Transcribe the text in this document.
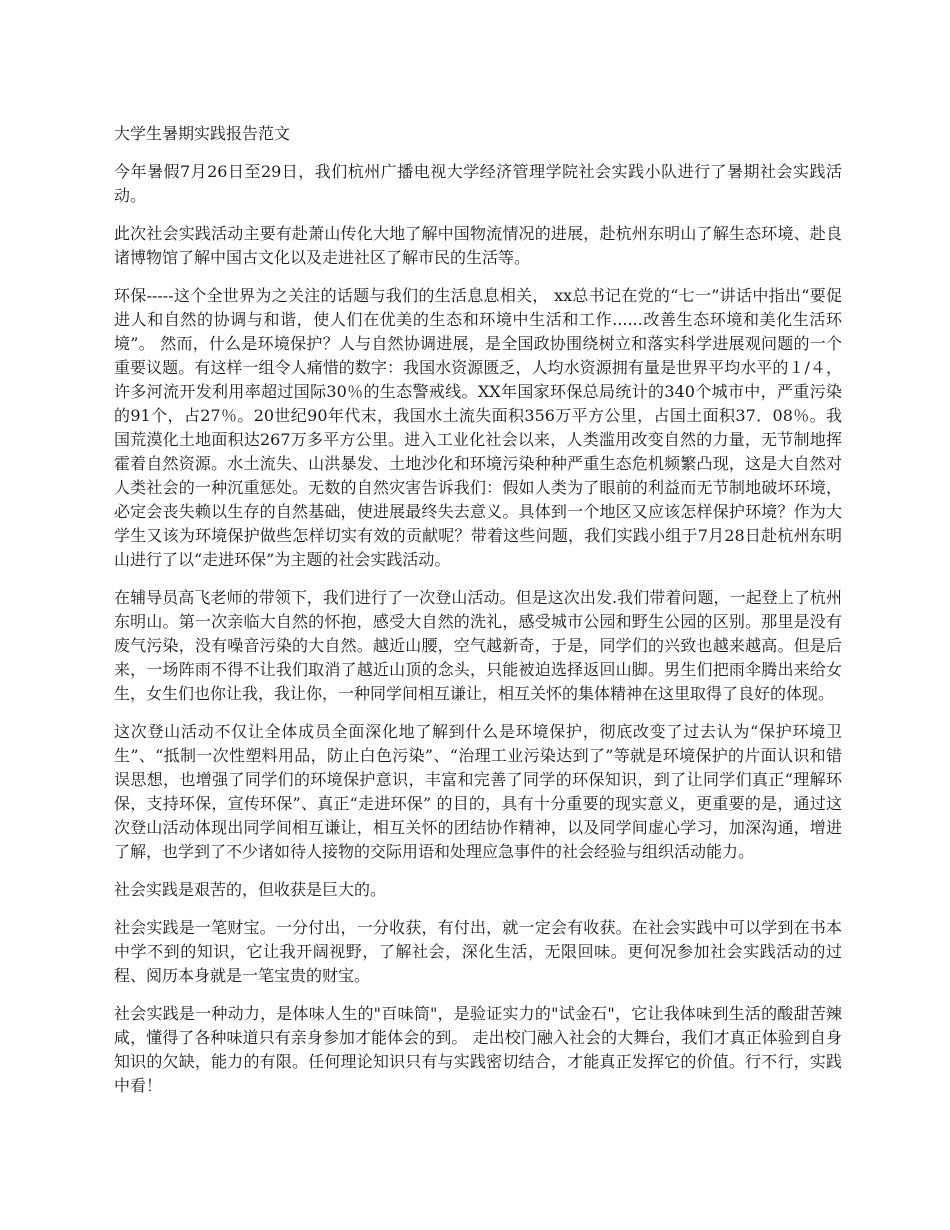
大学生暑期实践报告范文

今年暑假7月26日至29日，我们杭州广播电视大学经济管理学院社会实践小队进行了暑期社会实践活动。

此次社会实践活动主要有赴萧山传化大地了解中国物流情况的进展，赴杭州东明山了解生态环境、赴良诸博物馆了解中国古文化以及走进社区了解市民的生活等。

环保-----这个全世界为之关注的话题与我们的生活息息相关， xx总书记在党的“七一”讲话中指出“要促进人和自然的协调与和谐，使人们在优美的生态和环境中生活和工作......改善生态环境和美化生活环境”。 然而，什么是环境保护？人与自然协调进展，是全国政协围绕树立和落实科学进展观问题的一个重要议题。有这样一组令人痛惜的数字：我国水资源匮乏，人均水资源拥有量是世界平均水平的１/４，许多河流开发利用率超过国际30％的生态警戒线。XX年国家环保总局统计的340个城市中，严重污染的91个，占27％。20世纪90年代末，我国水土流失面积356万平方公里，占国土面积37．08％。我国荒漠化土地面积达267万多平方公里。进入工业化社会以来，人类滥用改变自然的力量，无节制地挥霍着自然资源。水土流失、山洪暴发、土地沙化和环境污染种种严重生态危机频繁凸现，这是大自然对人类社会的一种沉重惩处。无数的自然灾害告诉我们：假如人类为了眼前的利益而无节制地破坏环境，必定会丧失赖以生存的自然基础，使进展最终失去意义。具体到一个地区又应该怎样保护环境？作为大学生又该为环境保护做些怎样切实有效的贡献呢？带着这些问题，我们实践小组于7月28日赴杭州东明山进行了以“走进环保”为主题的社会实践活动。

在辅导员高飞老师的带领下，我们进行了一次登山活动。但是这次出发.我们带着问题，一起登上了杭州东明山。第一次亲临大自然的怀抱，感受大自然的洗礼，感受城市公园和野生公园的区别。那里是没有废气污染，没有噪音污染的大自然。越近山腰，空气越新奇，于是，同学们的兴致也越来越高。但是后来，一场阵雨不得不让我们取消了越近山顶的念头，只能被迫选择返回山脚。男生们把雨伞腾出来给女生，女生们也你让我，我让你，一种同学间相互谦让，相互关怀的集体精神在这里取得了良好的体现。

这次登山活动不仅让全体成员全面深化地了解到什么是环境保护，彻底改变了过去认为“保护环境卫生”、“抵制一次性塑料用品，防止白色污染”、“治理工业污染达到了”等就是环境保护的片面认识和错误思想，也增强了同学们的环境保护意识，丰富和完善了同学的环保知识，到了让同学们真正“理解环保，支持环保，宣传环保”、真正“走进环保” 的目的，具有十分重要的现实意义，更重要的是，通过这次登山活动体现出同学间相互谦让，相互关怀的团结协作精神，以及同学间虚心学习，加深沟通，增进了解，也学到了不少诸如待人接物的交际用语和处理应急事件的社会经验与组织活动能力。

社会实践是艰苦的，但收获是巨大的。

社会实践是一笔财宝。一分付出，一分收获，有付出，就一定会有收获。在社会实践中可以学到在书本中学不到的知识，它让我开阔视野，了解社会，深化生活，无限回味。更何况参加社会实践活动的过程、阅历本身就是一笔宝贵的财宝。

社会实践是一种动力，是体味人生的"百味筒"，是验证实力的"试金石"，它让我体味到生活的酸甜苦辣咸，懂得了各种味道只有亲身参加才能体会的到。 走出校门融入社会的大舞台，我们才真正体验到自身知识的欠缺，能力的有限。任何理论知识只有与实践密切结合，才能真正发挥它的价值。行不行，实践中看！
